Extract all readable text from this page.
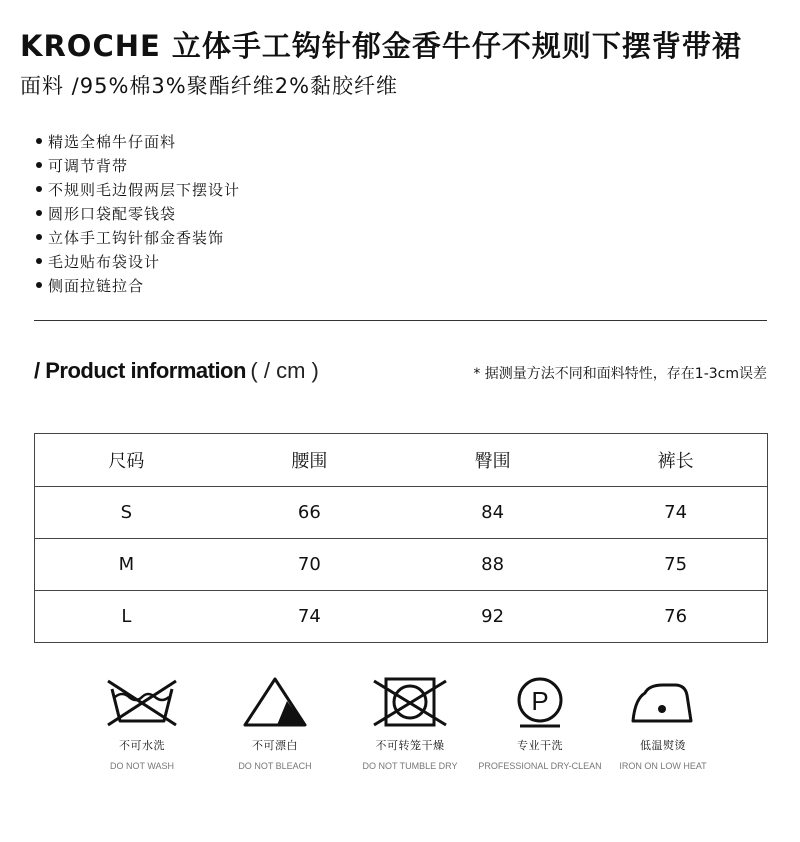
KROCHE 立体手工钩针郁金香牛仔不规则下摆背带裙
面料 /95%棉3%聚酯纤维2%黏胶纤维
精选全棉牛仔面料
可调节背带
不规则毛边假两层下摆设计
圆形口袋配零钱袋
立体手工钩针郁金香装饰
毛边贴布袋设计
侧面拉链拉合
/ Product information ( / cm )	* 据测量方法不同和面料特性，存在1-3cm误差
尺码	腰围	臀围	裤长
S	66	84	74
M	70	88	75
L	74	92	76
不可水洗
DO NOT WASH
不可漂白
DO NOT BLEACH
不可转笼干燥
DO NOT TUMBLE DRY
P
专业干洗
PROFESSIONAL DRY-CLEAN
低温熨烫
IRON ON LOW HEAT
